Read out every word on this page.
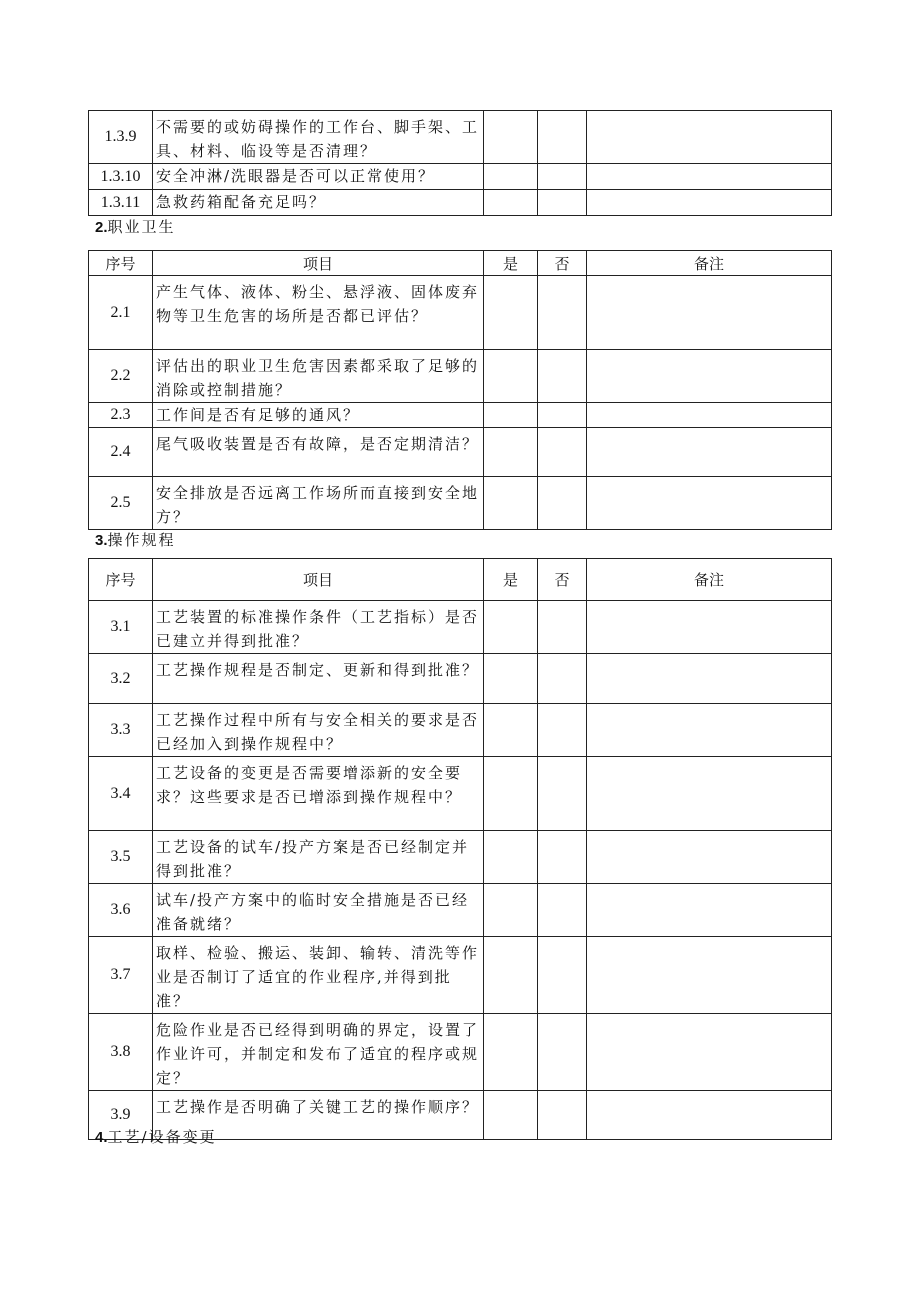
1.3.9	不需要的或妨碍操作的工作台、脚手架、工具、材料、临设等是否清理？			
1.3.10	安全冲淋/洗眼器是否可以正常使用？			
1.3.11	急救药箱配备充足吗？			
2.职业卫生
序号	项目	是	否	备注
2.1	产生气体、液体、粉尘、悬浮液、固体废弃物等卫生危害的场所是否都已评估？			
2.2	评估出的职业卫生危害因素都采取了足够的消除或控制措施？			
2.3	工作间是否有足够的通风？			
2.4	尾气吸收装置是否有故障，是否定期清洁？			
2.5	安全排放是否远离工作场所而直接到安全地方？			
3.操作规程
序号	项目	是	否	备注
3.1	工艺装置的标准操作条件（工艺指标）是否已建立并得到批准？			
3.2	工艺操作规程是否制定、更新和得到批准？			
3.3	工艺操作过程中所有与安全相关的要求是否已经加入到操作规程中？			
3.4	工艺设备的变更是否需要增添新的安全要求？这些要求是否已增添到操作规程中？			
3.5	工艺设备的试车/投产方案是否已经制定并得到批准？			
3.6	试车/投产方案中的临时安全措施是否已经准备就绪？			
3.7	取样、检验、搬运、装卸、输转、清洗等作业是否制订了适宜的作业程序,并得到批准？			
3.8	危险作业是否已经得到明确的界定，设置了作业许可，并制定和发布了适宜的程序或规定？			
3.9	工艺操作是否明确了关键工艺的操作顺序？			
4.工艺/设备变更
